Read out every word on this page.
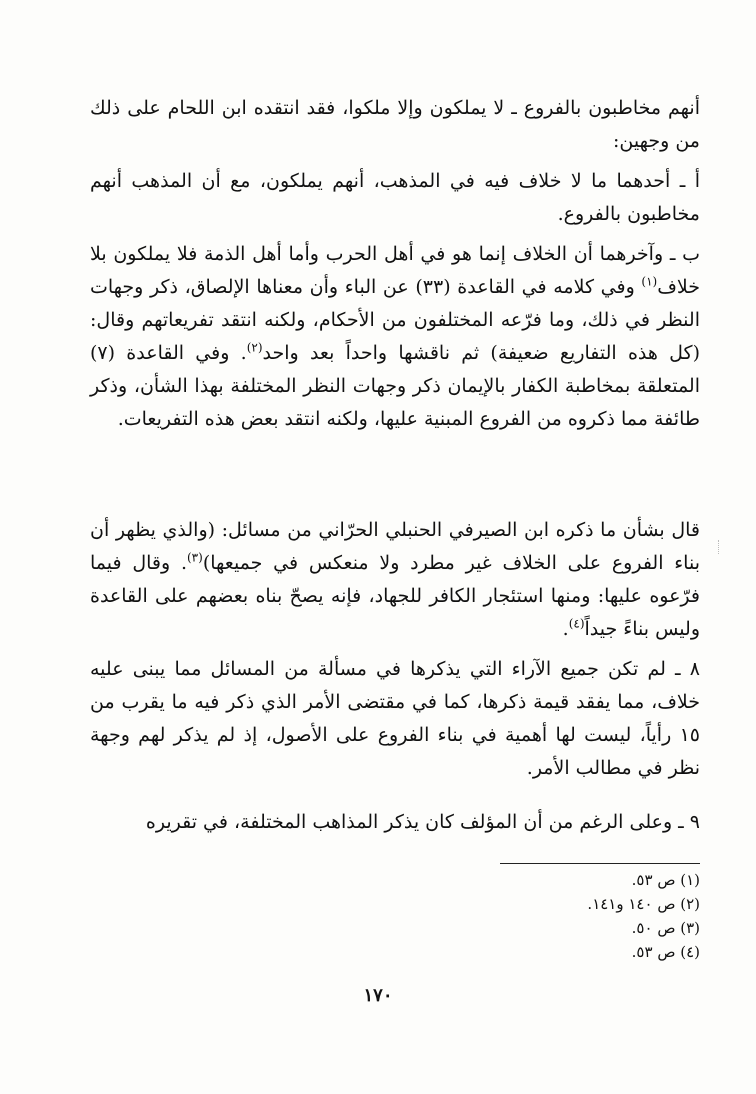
أنهم مخاطبون بالفروع ـ لا يملكون وإلا ملكوا، فقد انتقده ابن اللحام على ذلك من وجهين:

أ ـ أحدهما ما لا خلاف فيه في المذهب، أنهم يملكون، مع أن المذهب أنهم مخاطبون بالفروع.

ب ـ وآخرهما أن الخلاف إنما هو في أهل الحرب وأما أهل الذمة فلا يملكون بلا خلاف$^{(١)}$ وفي كلامه في القاعدة (٣٣) عن الباء وأن معناها الإلصاق، ذكر وجهات النظر في ذلك، وما فرّعه المختلفون من الأحكام، ولكنه انتقد تفريعاتهم وقال: (كل هذه التفاريع ضعيفة) ثم ناقشها واحداً بعد واحد$^{(٢)}$. وفي القاعدة (٧) المتعلقة بمخاطبة الكفار بالإيمان ذكر وجهات النظر المختلفة بهذا الشأن، وذكر طائفة مما ذكروه من الفروع المبنية عليها، ولكنه انتقد بعض هذه التفريعات.

قال بشأن ما ذكره ابن الصيرفي الحنبلي الحرّاني من مسائل: (والذي يظهر أن بناء الفروع على الخلاف غير مطرد ولا منعكس في جميعها)$^{(٣)}$. وقال فيما فرّعوه عليها: ومنها استئجار الكافر للجهاد، فإنه يصحّ بناه بعضهم على القاعدة وليس بناءً جيداً$^{(٤)}$.

٨ ـ لم تكن جميع الآراء التي يذكرها في مسألة من المسائل مما يبنى عليه خلاف، مما يفقد قيمة ذكرها، كما في مقتضى الأمر الذي ذكر فيه ما يقرب من ١٥ رأياً، ليست لها أهمية في بناء الفروع على الأصول، إذ لم يذكر لهم وجهة نظر في مطالب الأمر.

٩ ـ وعلى الرغم من أن المؤلف كان يذكر المذاهب المختلفة، في تقريره

(١) ص ٥٣.
(٢) ص ١٤٠ و١٤١.
(٣) ص ٥٠.
(٤) ص ٥٣.
١٧٠
